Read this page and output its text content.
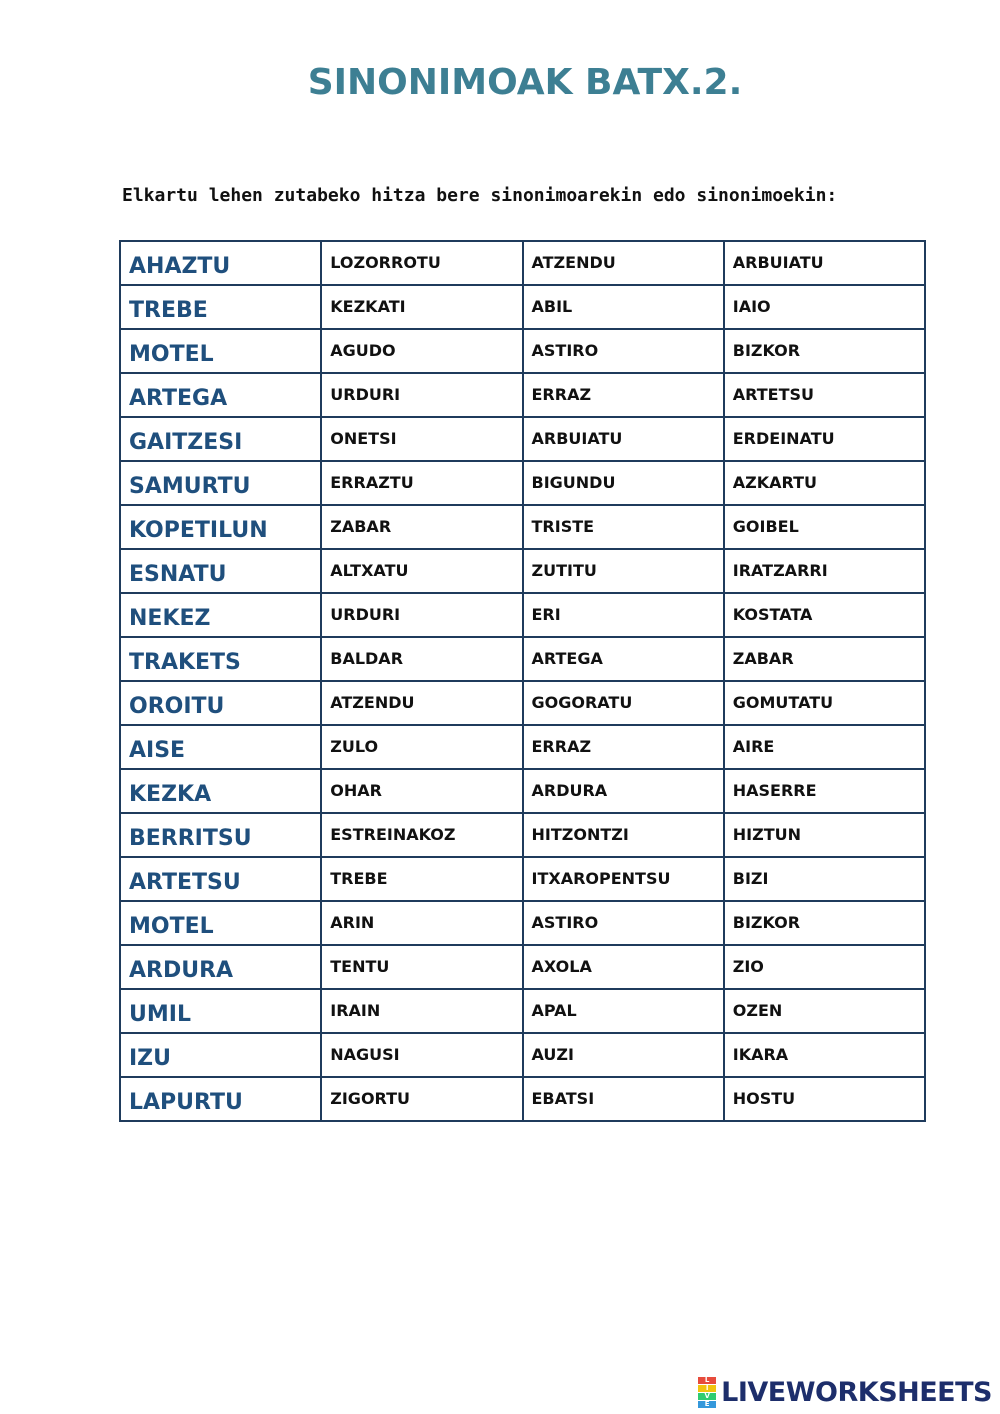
SINONIMOAK BATX.2.

Elkartu lehen zutabeko hitza bere sinonimoarekin edo sinonimoekin:

AHAZTU	LOZORROTU	ATZENDU	ARBUIATU
TREBE	KEZKATI	ABIL	IAIO
MOTEL	AGUDO	ASTIRO	BIZKOR
ARTEGA	URDURI	ERRAZ	ARTETSU
GAITZESI	ONETSI	ARBUIATU	ERDEINATU
SAMURTU	ERRAZTU	BIGUNDU	AZKARTU
KOPETILUN	ZABAR	TRISTE	GOIBEL
ESNATU	ALTXATU	ZUTITU	IRATZARRI
NEKEZ	URDURI	ERI	KOSTATA
TRAKETS	BALDAR	ARTEGA	ZABAR
OROITU	ATZENDU	GOGORATU	GOMUTATU
AISE	ZULO	ERRAZ	AIRE
KEZKA	OHAR	ARDURA	HASERRE
BERRITSU	ESTREINAKOZ	HITZONTZI	HIZTUN
ARTETSU	TREBE	ITXAROPENTSU	BIZI
MOTEL	ARIN	ASTIRO	BIZKOR
ARDURA	TENTU	AXOLA	ZIO
UMIL	IRAIN	APAL	OZEN
IZU	NAGUSI	AUZI	IKARA
LAPURTU	ZIGORTU	EBATSI	HOSTU
L
I
V
E LIVEWORKSHEETS
